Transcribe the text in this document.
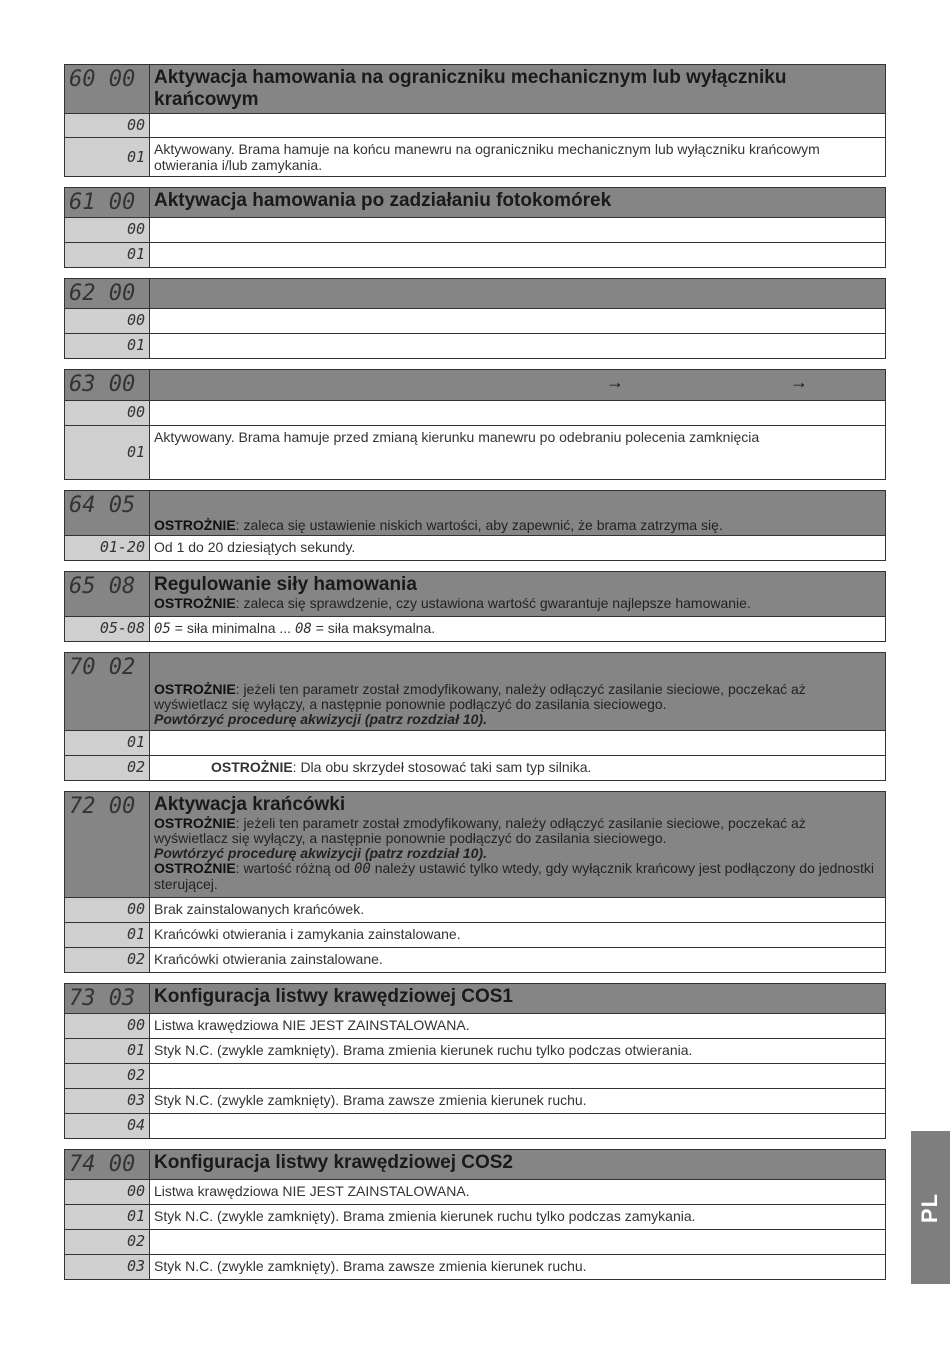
60 00	Aktywacja hamowania na ograniczniku mechanicznym lub wyłączniku krańcowym

00	
01	Aktywowany. Brama hamuje na końcu manewru na ograniczniku mechanicznym lub wyłączniku krańcowym otwierania i/lub zamykania.
61 00	Aktywacja hamowania po zadziałaniu fotokomórek

00	
01	
62 00	

00	
01	
63 00	→ →

00	
01	Aktywowany. Brama hamuje przed zmianą kierunku manewru po odebraniu polecenia zamknięcia
64 05	OSTROŻNIE: zaleca się ustawienie niskich wartości, aby zapewnić, że brama zatrzyma się.

01-20	Od 1 do 20 dziesiątych sekundy.
65 08	Regulowanie siły hamowania
OSTROŻNIE: zaleca się sprawdzenie, czy ustawiona wartość gwarantuje najlepsze hamowanie.

05-08	05 = siła minimalna ... 08 = siła maksymalna.
70 02	OSTROŻNIE: jeżeli ten parametr został zmodyfikowany, należy odłączyć zasilanie sieciowe, poczekać aż wyświetlacz się wyłączy, a następnie ponownie podłączyć do zasilania sieciowego.
Powtórzyć procedurę akwizycji (patrz rozdział 10).

01	
02	OSTROŻNIE: Dla obu skrzydeł stosować taki sam typ silnika.
72 00	Aktywacja krańcówki
OSTROŻNIE: jeżeli ten parametr został zmodyfikowany, należy odłączyć zasilanie sieciowe, poczekać aż wyświetlacz się wyłączy, a następnie ponownie podłączyć do zasilania sieciowego.
Powtórzyć procedurę akwizycji (patrz rozdział 10).
OSTROŻNIE: wartość różną od 00 należy ustawić tylko wtedy, gdy wyłącznik krańcowy jest podłączony do jednostki sterującej.

00	Brak zainstalowanych krańcówek.
01	Krańcówki otwierania i zamykania zainstalowane.
02	Krańcówki otwierania zainstalowane.
73 03	Konfiguracja listwy krawędziowej COS1

00	Listwa krawędziowa NIE JEST ZAINSTALOWANA.
01	Styk N.C. (zwykle zamknięty). Brama zmienia kierunek ruchu tylko podczas otwierania.
02	
03	Styk N.C. (zwykle zamknięty). Brama zawsze zmienia kierunek ruchu.
04	
74 00	Konfiguracja listwy krawędziowej COS2

00	Listwa krawędziowa NIE JEST ZAINSTALOWANA.
01	Styk N.C. (zwykle zamknięty). Brama zmienia kierunek ruchu tylko podczas zamykania.
02	
03	Styk N.C. (zwykle zamknięty). Brama zawsze zmienia kierunek ruchu.
PL
